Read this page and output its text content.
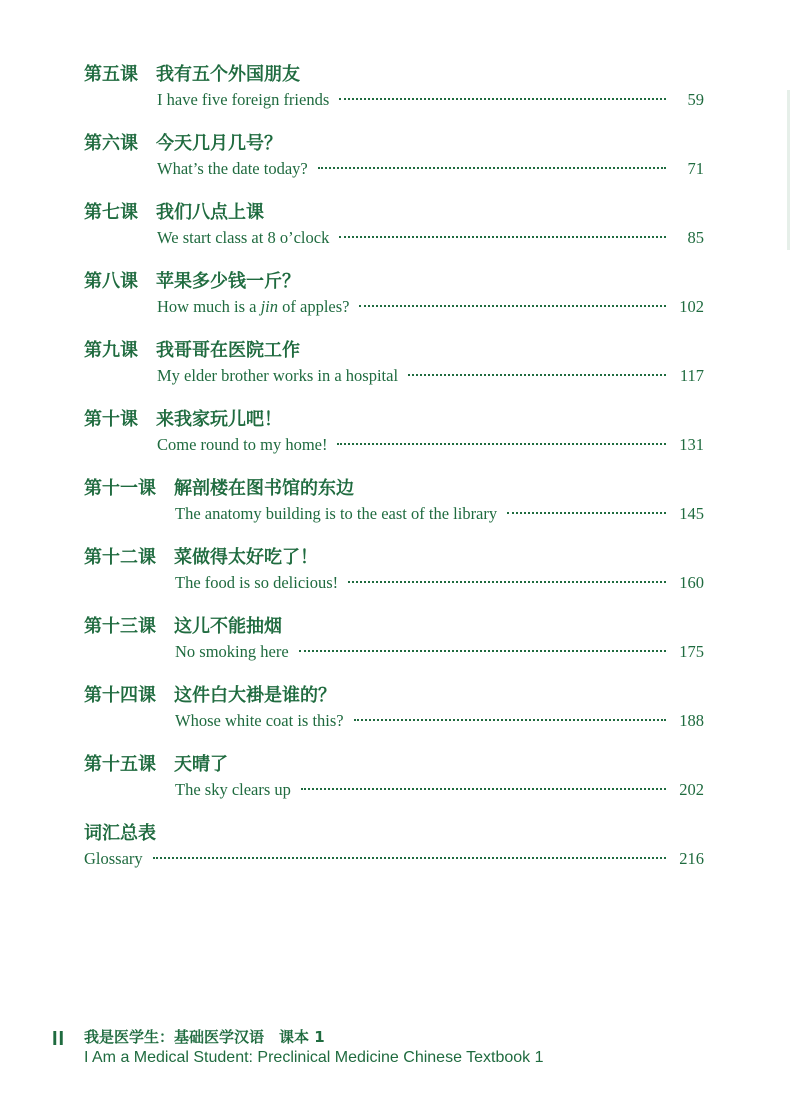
第五课 我有五个外国朋友
I have five foreign friends	59
第六课 今天几月几号？
What’s the date today?	71
第七课 我们八点上课
We start class at 8 o’clock	85
第八课 苹果多少钱一斤？
How much is a jin of apples?	102
第九课 我哥哥在医院工作
My elder brother works in a hospital	117
第十课 来我家玩儿吧！
Come round to my home!	131
第十一课 解剖楼在图书馆的东边
The anatomy building is to the east of the library	145
第十二课 菜做得太好吃了！
The food is so delicious!	160
第十三课 这儿不能抽烟
No smoking here	175
第十四课 这件白大褂是谁的？
Whose white coat is this?	188
第十五课 天晴了
The sky clears up	202
词汇总表
Glossary	216
II 我是医学生：基础医学汉语　课本 1
I Am a Medical Student: Preclinical Medicine Chinese Textbook 1
